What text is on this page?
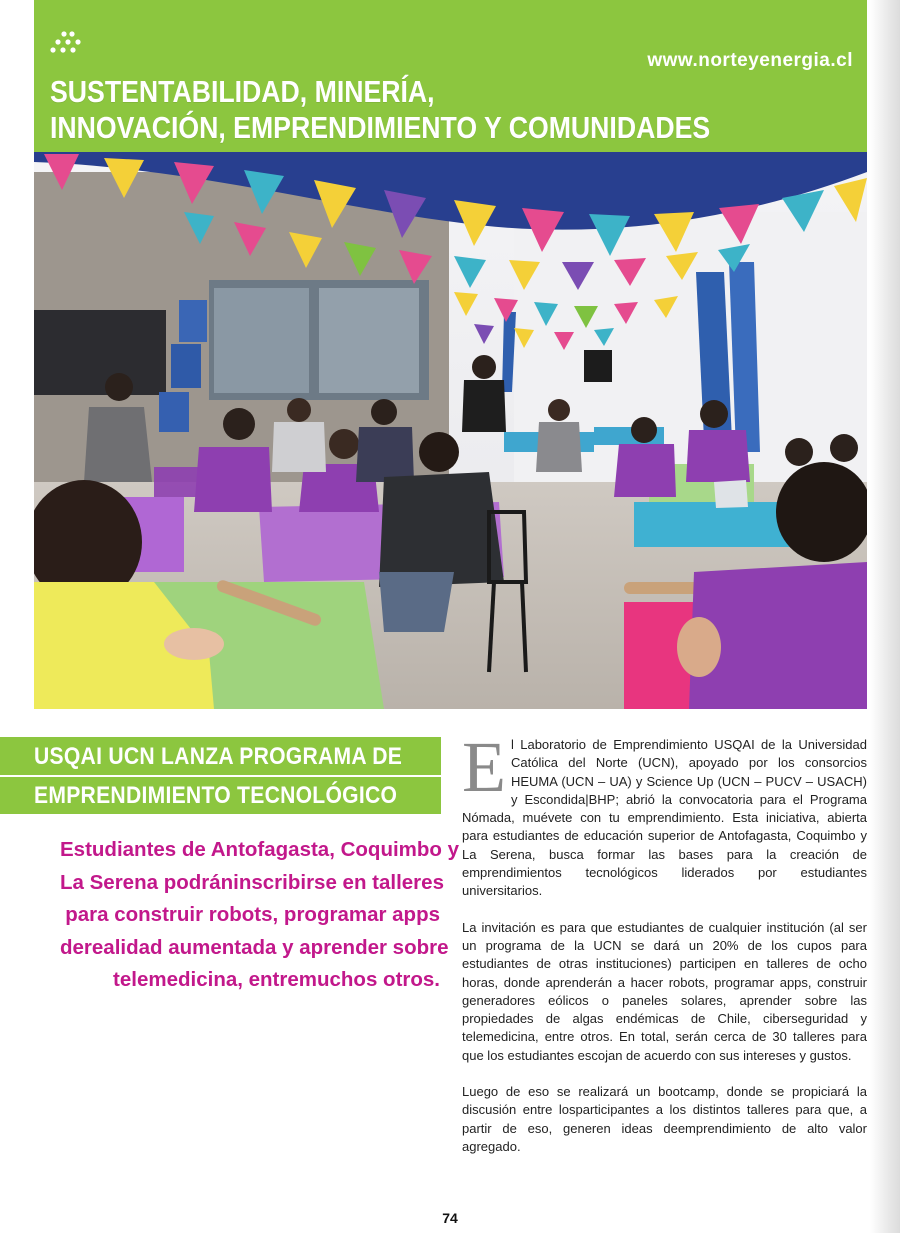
www.norteyenergia.cl
SUSTENTABILIDAD, MINERÍA,
INNOVACIÓN, EMPRENDIMIENTO Y COMUNIDADES
USQAI UCN LANZA PROGRAMA DE
EMPRENDIMIENTO TECNOLÓGICO
Estudiantes de Antofagasta, Coquimbo y
La Serena podráninscribirse en talleres
para construir robots, programar apps
derealidad aumentada y aprender sobre
telemedicina, entremuchos otros.

El Laboratorio de Emprendimiento USQAI de la Universidad Católica del Norte (UCN), apoyado por los consorcios HEUMA (UCN – UA) y Science Up (UCN – PUCV – USACH) y Escondida|BHP; abrió la convocatoria para el Programa Nómada, muévete con tu emprendimiento. Esta iniciativa, abierta para estudiantes de educación superior de Antofagasta, Coquimbo y La Serena, busca formar las bases para la creación de emprendimientos tecnológicos liderados por estudiantes universitarios.

La invitación es para que estudiantes de cualquier institución (al ser un programa de la UCN se dará un 20% de los cupos para estudiantes de otras instituciones) participen en talleres de ocho horas, donde aprenderán a hacer robots, programar apps, construir generadores eólicos o paneles solares, aprender sobre las propiedades de algas endémicas de Chile, ciberseguridad y telemedicina, entre otros. En total, serán cerca de 30 talleres para que los estudiantes escojan de acuerdo con sus intereses y gustos.

Luego de eso se realizará un bootcamp, donde se propiciará la discusión entre losparticipantes a los distintos talleres para que, a partir de eso, generen ideas deemprendimiento de alto valor agregado.

74
